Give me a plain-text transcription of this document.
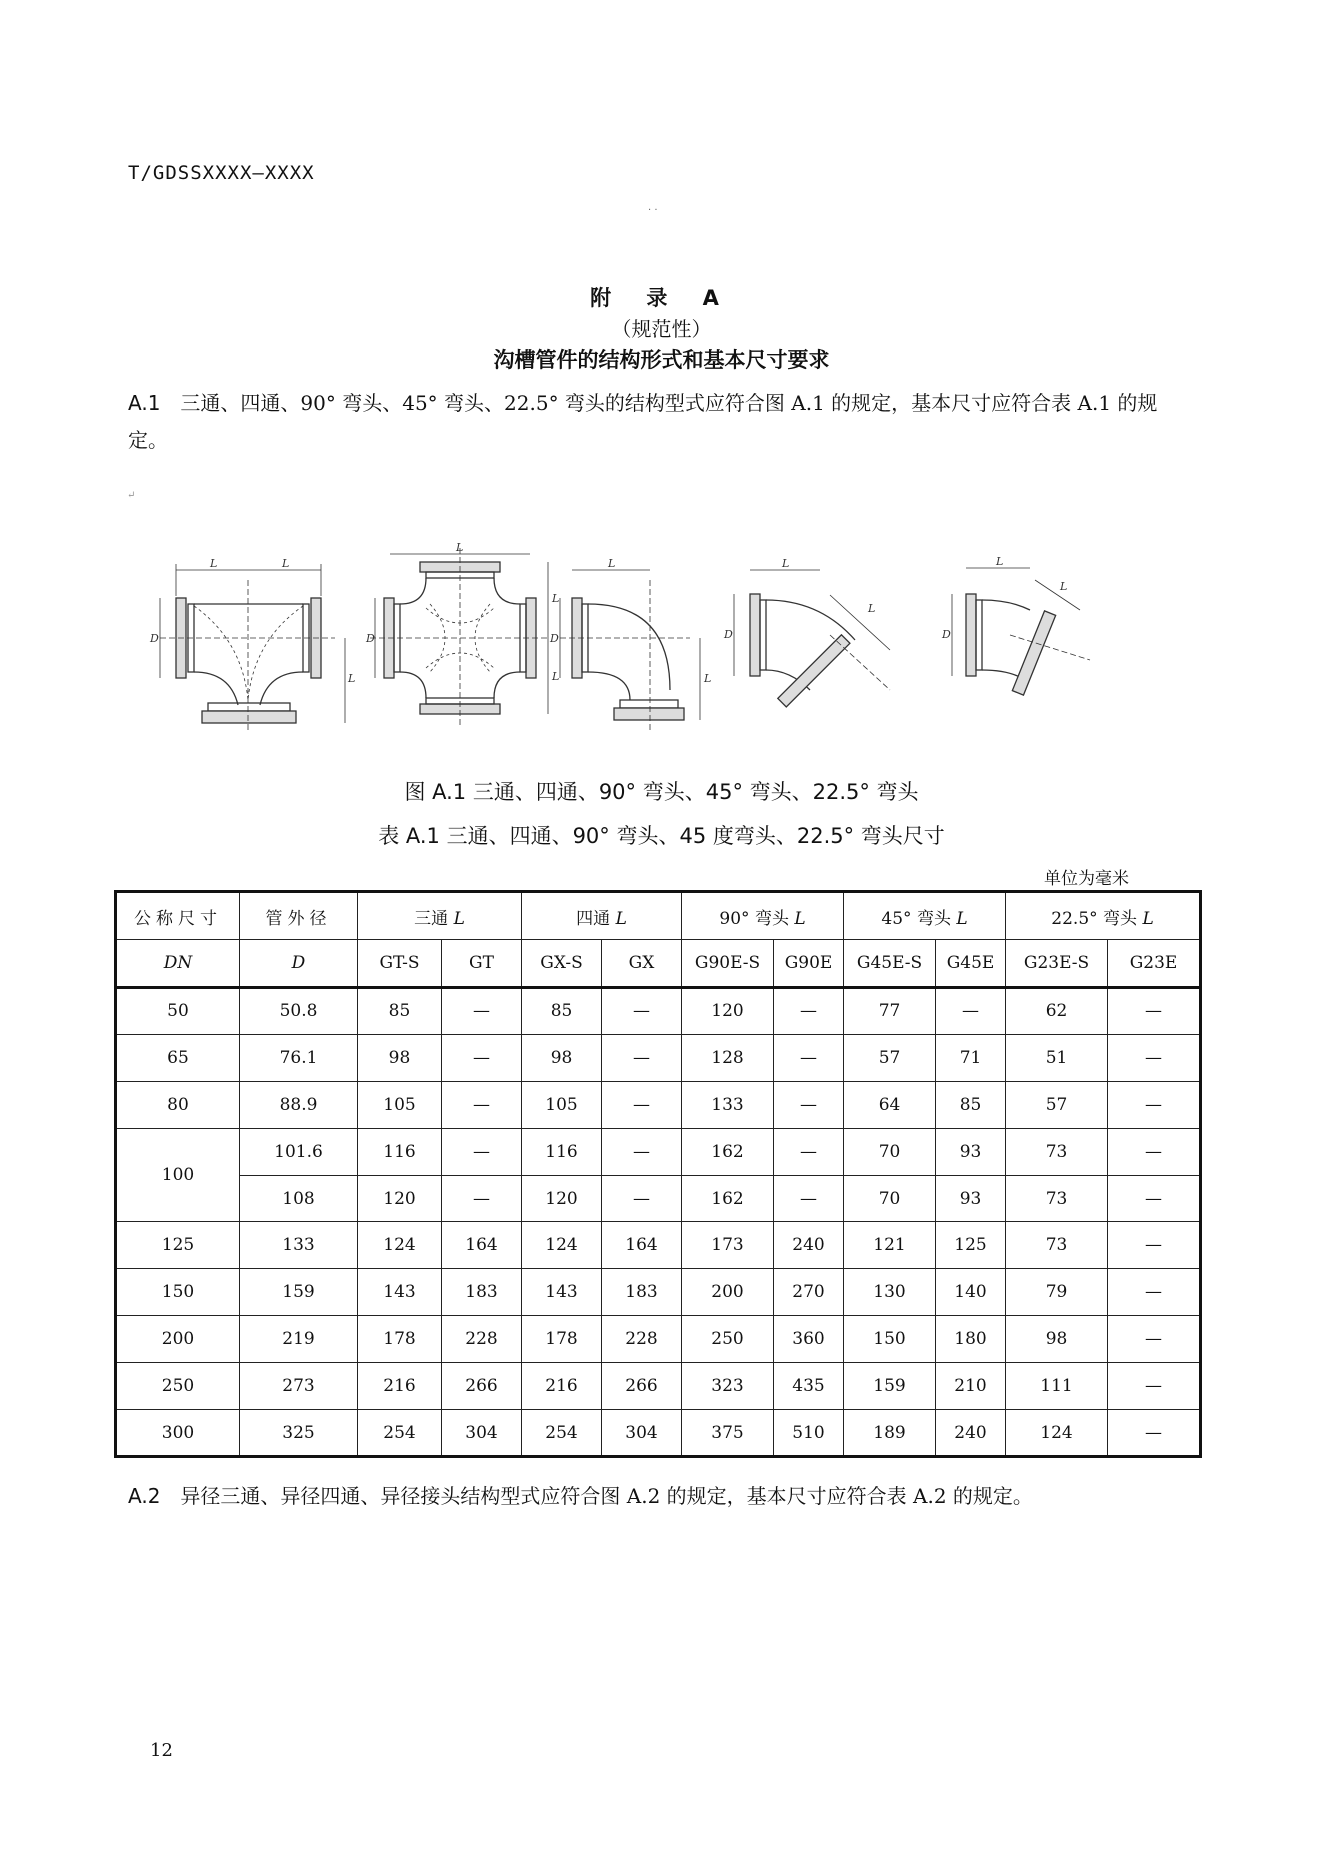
T/GDSSXXXX—XXXX
· ·
附 录 A
（规范性）
沟槽管件的结构形式和基本尺寸要求
A.1 三通、四通、90° 弯头、45° 弯头、22.5° 弯头的结构型式应符合图 A.1 的规定，基本尺寸应符合表 A.1 的规定。
↵
L	L
D
L
L
D
L
L
L
D
L
L
D
L
L
D
L
图 A.1 三通、四通、90° 弯头、45° 弯头、22.5° 弯头
表 A.1 三通、四通、90° 弯头、45 度弯头、22.5° 弯头尺寸
单位为毫米
公称尺寸	管外径	三通 L		四通 L		90° 弯头 L		45° 弯头 L		22.5° 弯头 L	
DN	D	GT-S	GT	GX-S	GX	G90E-S	G90E	G45E-S	G45E	G23E-S	G23E
50	50.8	85	—	85	—	120	—	77	—	62	—
65	76.1	98	—	98	—	128	—	57	71	51	—
80	88.9	105	—	105	—	133	—	64	85	57	—
100	101.6	116	—	116	—	162	—	70	93	73	—
	108	120	—	120	—	162	—	70	93	73	—
125	133	124	164	124	164	173	240	121	125	73	—
150	159	143	183	143	183	200	270	130	140	79	—
200	219	178	228	178	228	250	360	150	180	98	—
250	273	216	266	216	266	323	435	159	210	111	—
300	325	254	304	254	304	375	510	189	240	124	—
A.2 异径三通、异径四通、异径接头结构型式应符合图 A.2 的规定，基本尺寸应符合表 A.2 的规定。
12
